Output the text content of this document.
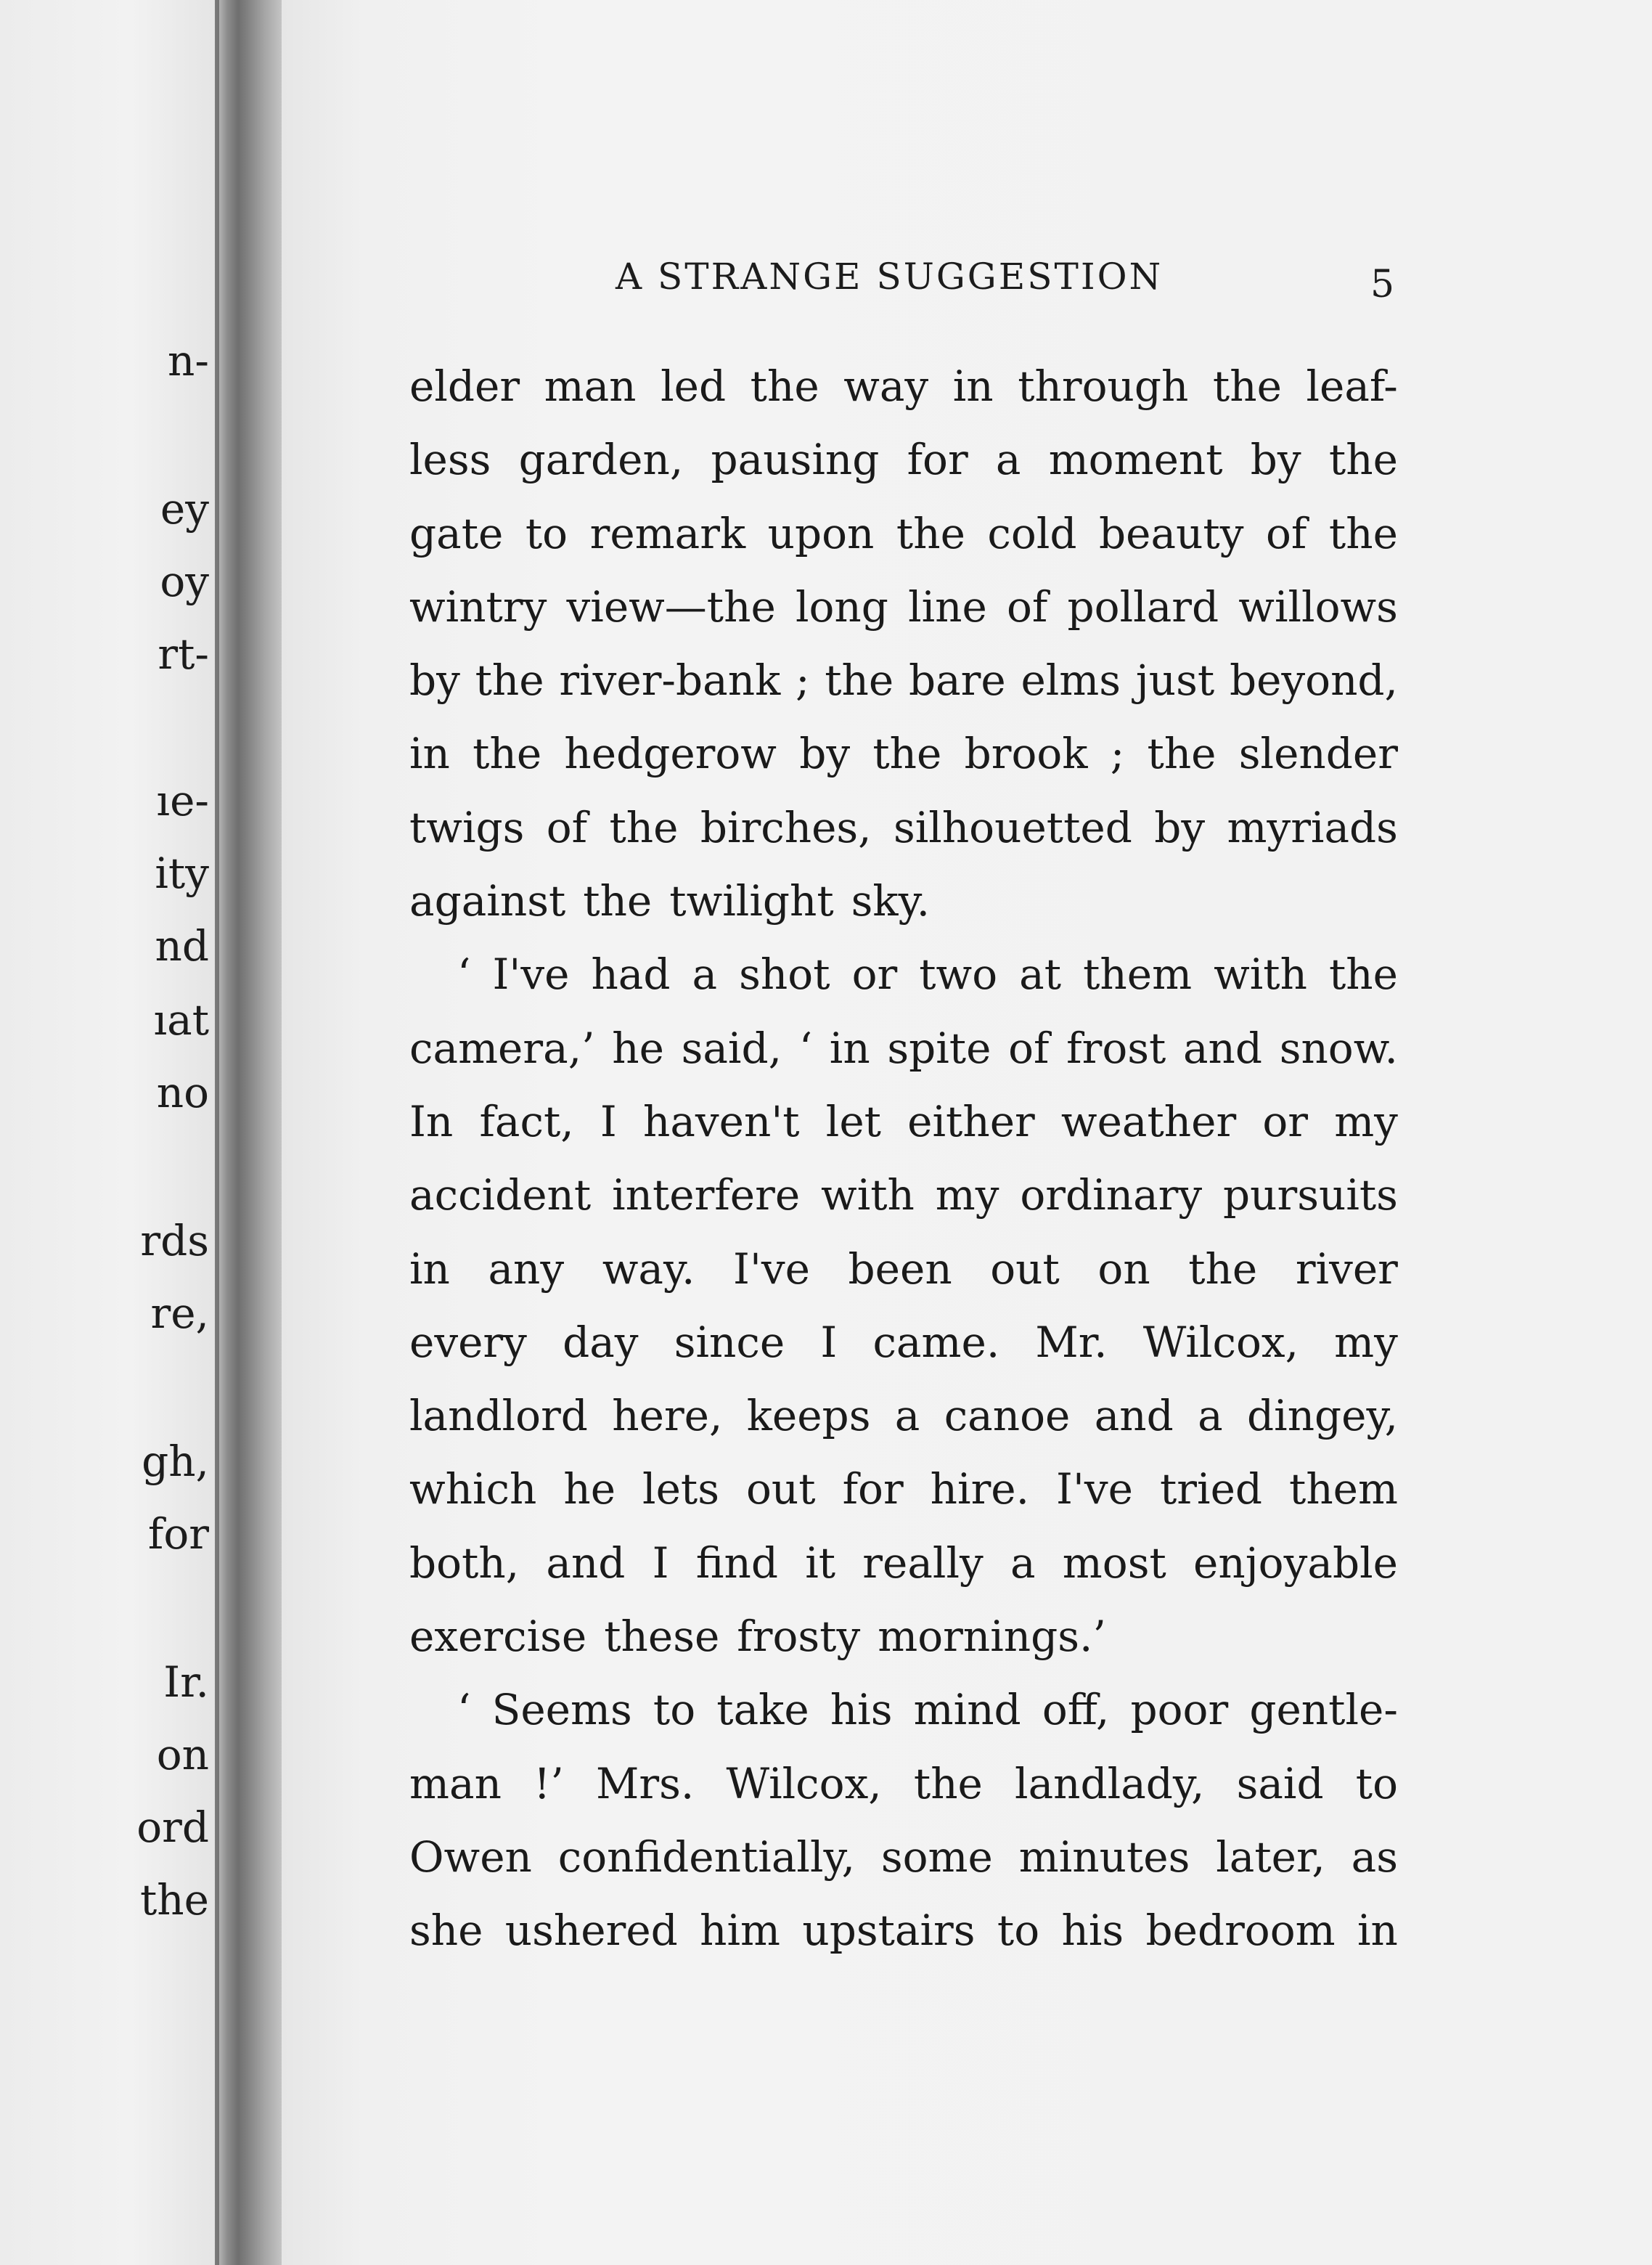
n-
ey
oy
rt-
ıe-
ity
nd
ıat
no
rds
re,
gh,
for
Ir.
on
ord
the
A STRANGE SUGGESTION	5
elder man led the way in through the leaf-
less garden, pausing for a moment by the
gate to remark upon the cold beauty of the
wintry view—the long line of pollard willows
by the river-bank ; the bare elms just beyond,
in the hedgerow by the brook ; the slender
twigs of the birches, silhouetted by myriads
against the twilight sky.
‘ I've had a shot or two at them with the
camera,’ he said, ‘ in spite of frost and snow.
In fact, I haven't let either weather or my
accident interfere with my ordinary pursuits
in any way. I've been out on the river
every day since I came. Mr. Wilcox, my
landlord here, keeps a canoe and a dingey,
which he lets out for hire. I've tried them
both, and I find it really a most enjoyable
exercise these frosty mornings.’
‘ Seems to take his mind off, poor gentle-
man !’ Mrs. Wilcox, the landlady, said to
Owen confidentially, some minutes later, as
she ushered him upstairs to his bedroom in
